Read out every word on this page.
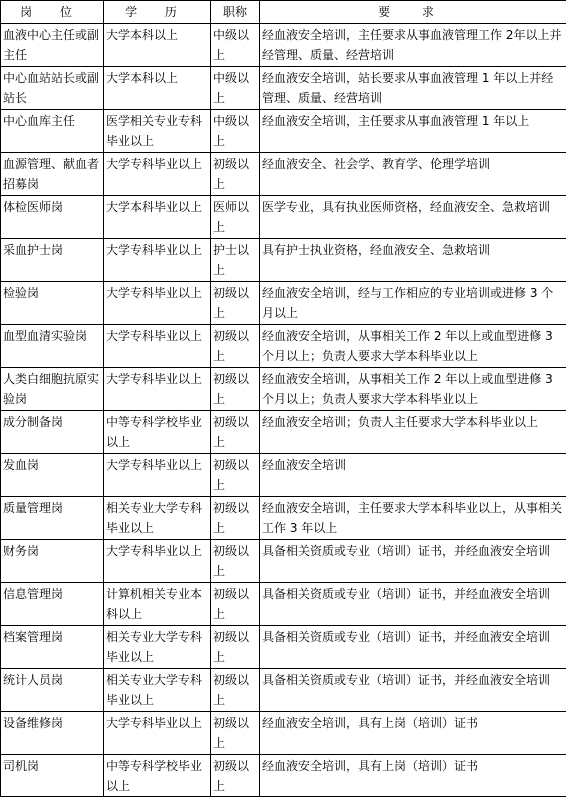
岗 位	学 历	职称	要 求
血液中心主任或副主任	大学本科以上	中级以上	经血液安全培训，主任要求从事血液管理工作 2年以上并经管理、质量、经营培训
中心血站站长或副站长	大学本科以上	中级以上	经血液安全培训，站长要求从事血液管理 1 年以上并经管理、质量、经营培训
中心血库主任	医学相关专业专科毕业以上	中级以上	经血液安全培训，主任要求从事血液管理 1 年以上
血源管理、献血者招募岗	大学专科毕业以上	初级以上	经血液安全、社会学、教育学、伦理学培训
体检医师岗	大学本科毕业以上	医师以上	医学专业，具有执业医师资格，经血液安全、急救培训
采血护士岗	大学专科毕业以上	护士以上	具有护士执业资格，经血液安全、急救培训
检验岗	大学专科毕业以上	初级以上	经血液安全培训，经与工作相应的专业培训或进修 3 个月以上
血型血清实验岗	大学专科毕业以上	初级以上	经血液安全培训，从事相关工作 2 年以上或血型进修 3 个月以上；负责人要求大学本科毕业以上
人类白细胞抗原实验岗	大学专科毕业以上	初级以上	经血液安全培训，从事相关工作 2 年以上或血型进修 3 个月以上；负责人要求大学本科毕业以上
成分制备岗	中等专科学校毕业以上	初级以上	经血液安全培训；负责人主任要求大学本科毕业以上
发血岗	大学专科毕业以上	初级以上	经血液安全培训
质量管理岗	相关专业大学专科毕业以上	初级以上	经血液安全培训，主任要求大学本科毕业以上，从事相关工作 3 年以上
财务岗	大学专科毕业以上	初级以上	具备相关资质或专业（培训）证书，并经血液安全培训
信息管理岗	计算机相关专业本科以上	初级以上	具备相关资质或专业（培训）证书，并经血液安全培训
档案管理岗	相关专业大学专科毕业以上	初级以上	具备相关资质或专业（培训）证书，并经血液安全培训
统计人员岗	相关专业大学专科毕业以上	初级以上	具备相关资质或专业（培训）证书，并经血液安全培训
设备维修岗	大学专科毕业以上	初级以上	经血液安全培训，具有上岗（培训）证书
司机岗	中等专科学校毕业以上	初级以上	经血液安全培训，具有上岗（培训）证书
